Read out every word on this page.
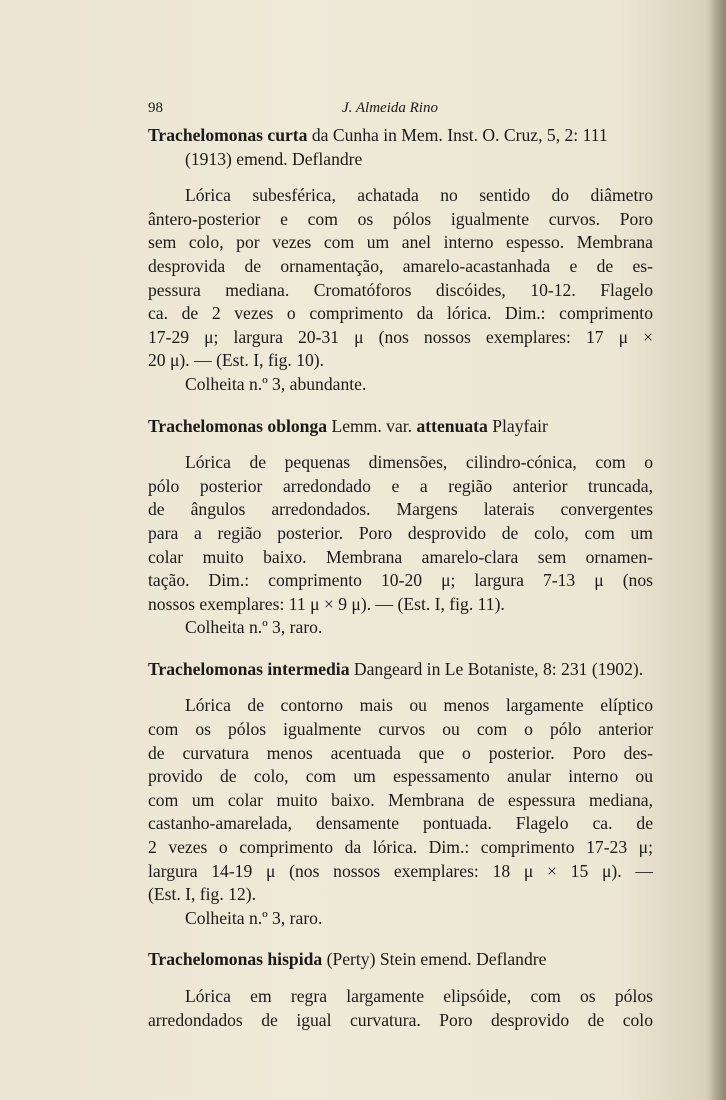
98	J. Almeida Rino

Trachelomonas curta da Cunha in Mem. Inst. O. Cruz, 5, 2: 111 (1913) emend. Deflandre

Lórica subesférica, achatada no sentido do diâmetro
ântero-posterior e com os pólos igualmente curvos. Poro
sem colo, por vezes com um anel interno espesso. Membrana
desprovida de ornamentação, amarelo-acastanhada e de es-
pessura mediana. Cromatóforos discóides, 10-12. Flagelo
ca. de 2 vezes o comprimento da lórica. Dim.: comprimento
17-29 μ; largura 20-31 μ (nos nossos exemplares: 17 μ ×
20 μ). — (Est. I, fig. 10).

Colheita n.º 3, abundante.

Trachelomonas oblonga Lemm. var. attenuata Playfair

Lórica de pequenas dimensões, cilindro-cónica, com o
pólo posterior arredondado e a região anterior truncada,
de ângulos arredondados. Margens laterais convergentes
para a região posterior. Poro desprovido de colo, com um
colar muito baixo. Membrana amarelo-clara sem ornamen-
tação. Dim.: comprimento 10-20 μ; largura 7-13 μ (nos
nossos exemplares: 11 μ × 9 μ). — (Est. I, fig. 11).

Colheita n.º 3, raro.

Trachelomonas intermedia Dangeard in Le Botaniste, 8: 231 (1902).

Lórica de contorno mais ou menos largamente elíptico
com os pólos igualmente curvos ou com o pólo anterior
de curvatura menos acentuada que o posterior. Poro des-
provido de colo, com um espessamento anular interno ou
com um colar muito baixo. Membrana de espessura mediana,
castanho-amarelada, densamente pontuada. Flagelo ca. de
2 vezes o comprimento da lórica. Dim.: comprimento 17-23 μ;
largura 14-19 μ (nos nossos exemplares: 18 μ × 15 μ). —
(Est. I, fig. 12).

Colheita n.º 3, raro.

Trachelomonas hispida (Perty) Stein emend. Deflandre

Lórica em regra largamente elipsóide, com os pólos
arredondados de igual curvatura. Poro desprovido de colo
